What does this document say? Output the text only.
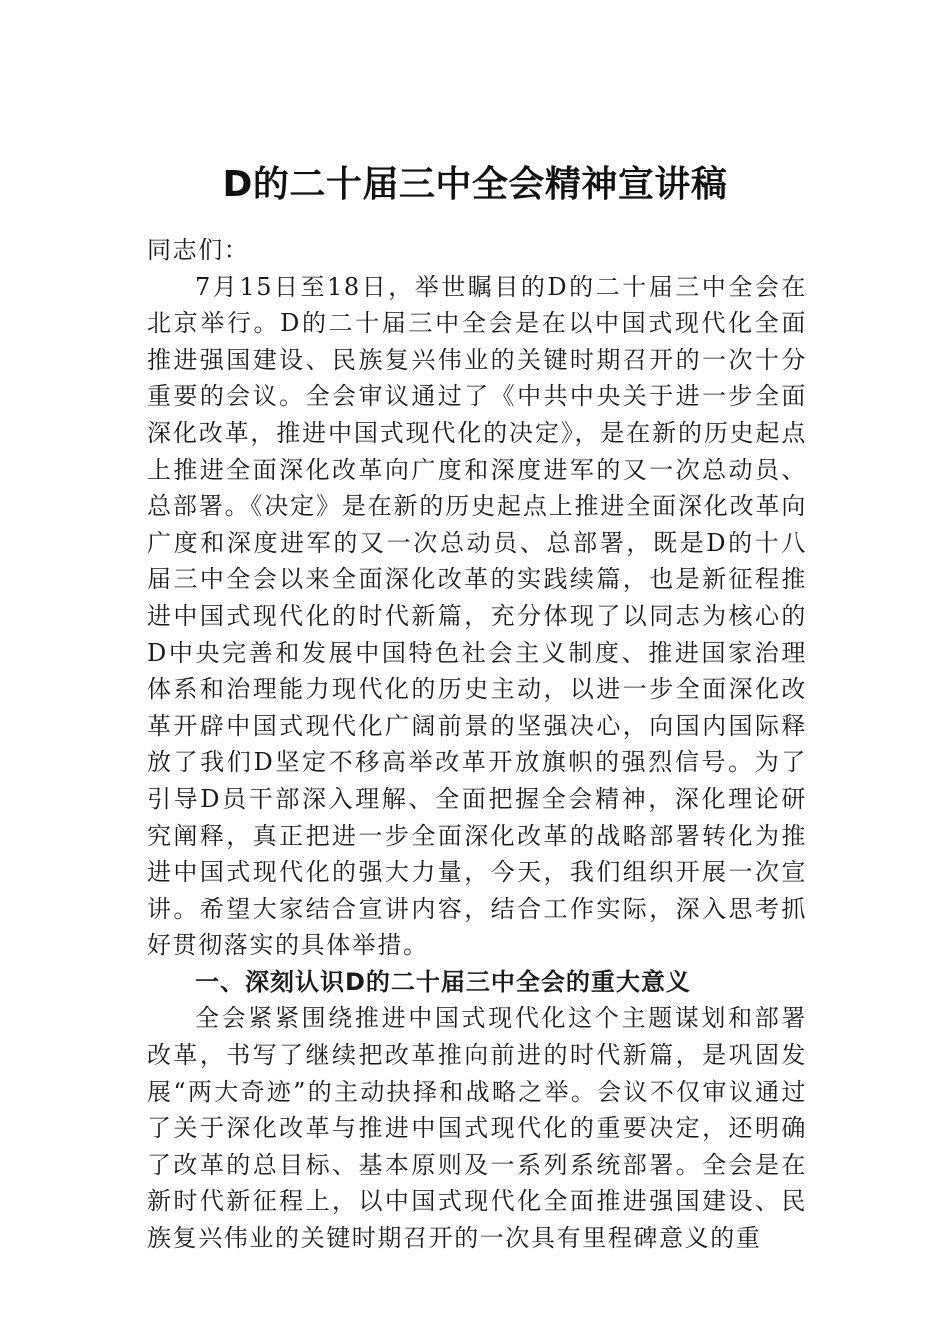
D的二十届三中全会精神宣讲稿

同志们：

7月15日至18日，举世瞩目的D的二十届三中全会在北京举行。D的二十届三中全会是在以中国式现代化全面推进强国建设、民族复兴伟业的关键时期召开的一次十分重要的会议。全会审议通过了《中共中央关于进一步全面深化改革，推进中国式现代化的决定》，是在新的历史起点上推进全面深化改革向广度和深度进军的又一次总动员、总部署。《决定》是在新的历史起点上推进全面深化改革向广度和深度进军的又一次总动员、总部署，既是D的十八届三中全会以来全面深化改革的实践续篇，也是新征程推进中国式现代化的时代新篇，充分体现了以同志为核心的D中央完善和发展中国特色社会主义制度、推进国家治理体系和治理能力现代化的历史主动，以进一步全面深化改革开辟中国式现代化广阔前景的坚强决心，向国内国际释放了我们D坚定不移高举改革开放旗帜的强烈信号。为了引导D员干部深入理解、全面把握全会精神，深化理论研究阐释，真正把进一步全面深化改革的战略部署转化为推进中国式现代化的强大力量，今天，我们组织开展一次宣讲。希望大家结合宣讲内容，结合工作实际，深入思考抓好贯彻落实的具体举措。

一、深刻认识D的二十届三中全会的重大意义

全会紧紧围绕推进中国式现代化这个主题谋划和部署改革，书写了继续把改革推向前进的时代新篇，是巩固发展“两大奇迹”的主动抉择和战略之举。会议不仅审议通过了关于深化改革与推进中国式现代化的重要决定，还明确了改革的总目标、基本原则及一系列系统部署。全会是在新时代新征程上，以中国式现代化全面推进强国建设、民族复兴伟业的关键时期召开的一次具有里程碑意义的重
